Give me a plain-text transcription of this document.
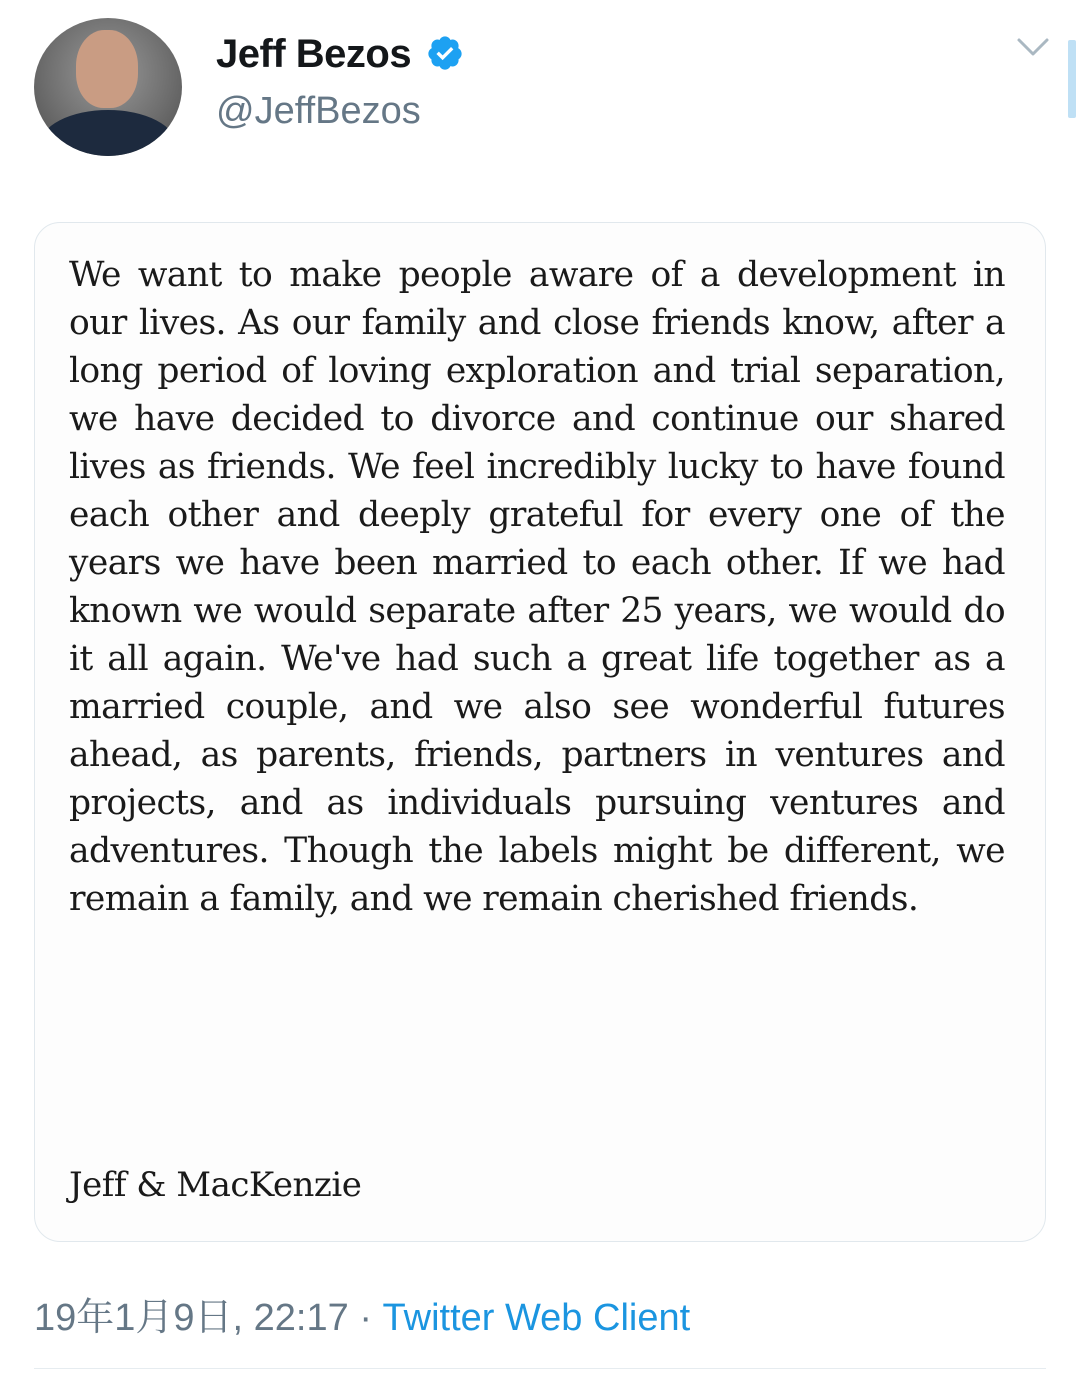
Jeff Bezos
@JeffBezos

We want to make people aware of a development in our lives. As our family and close friends know, after a long period of loving exploration and trial separation, we have decided to divorce and continue our shared lives as friends. We feel incredibly lucky to have found each other and deeply grateful for every one of the years we have been married to each other. If we had known we would separate after 25 years, we would do it all again. We've had such a great life together as a married couple, and we also see wonderful futures ahead, as parents, friends, partners in ventures and projects, and as individuals pursuing ventures and adventures. Though the labels might be different, we remain a family, and we remain cherished friends.

Jeff & MacKenzie
19年1月9日, 22:17 · Twitter Web Client
